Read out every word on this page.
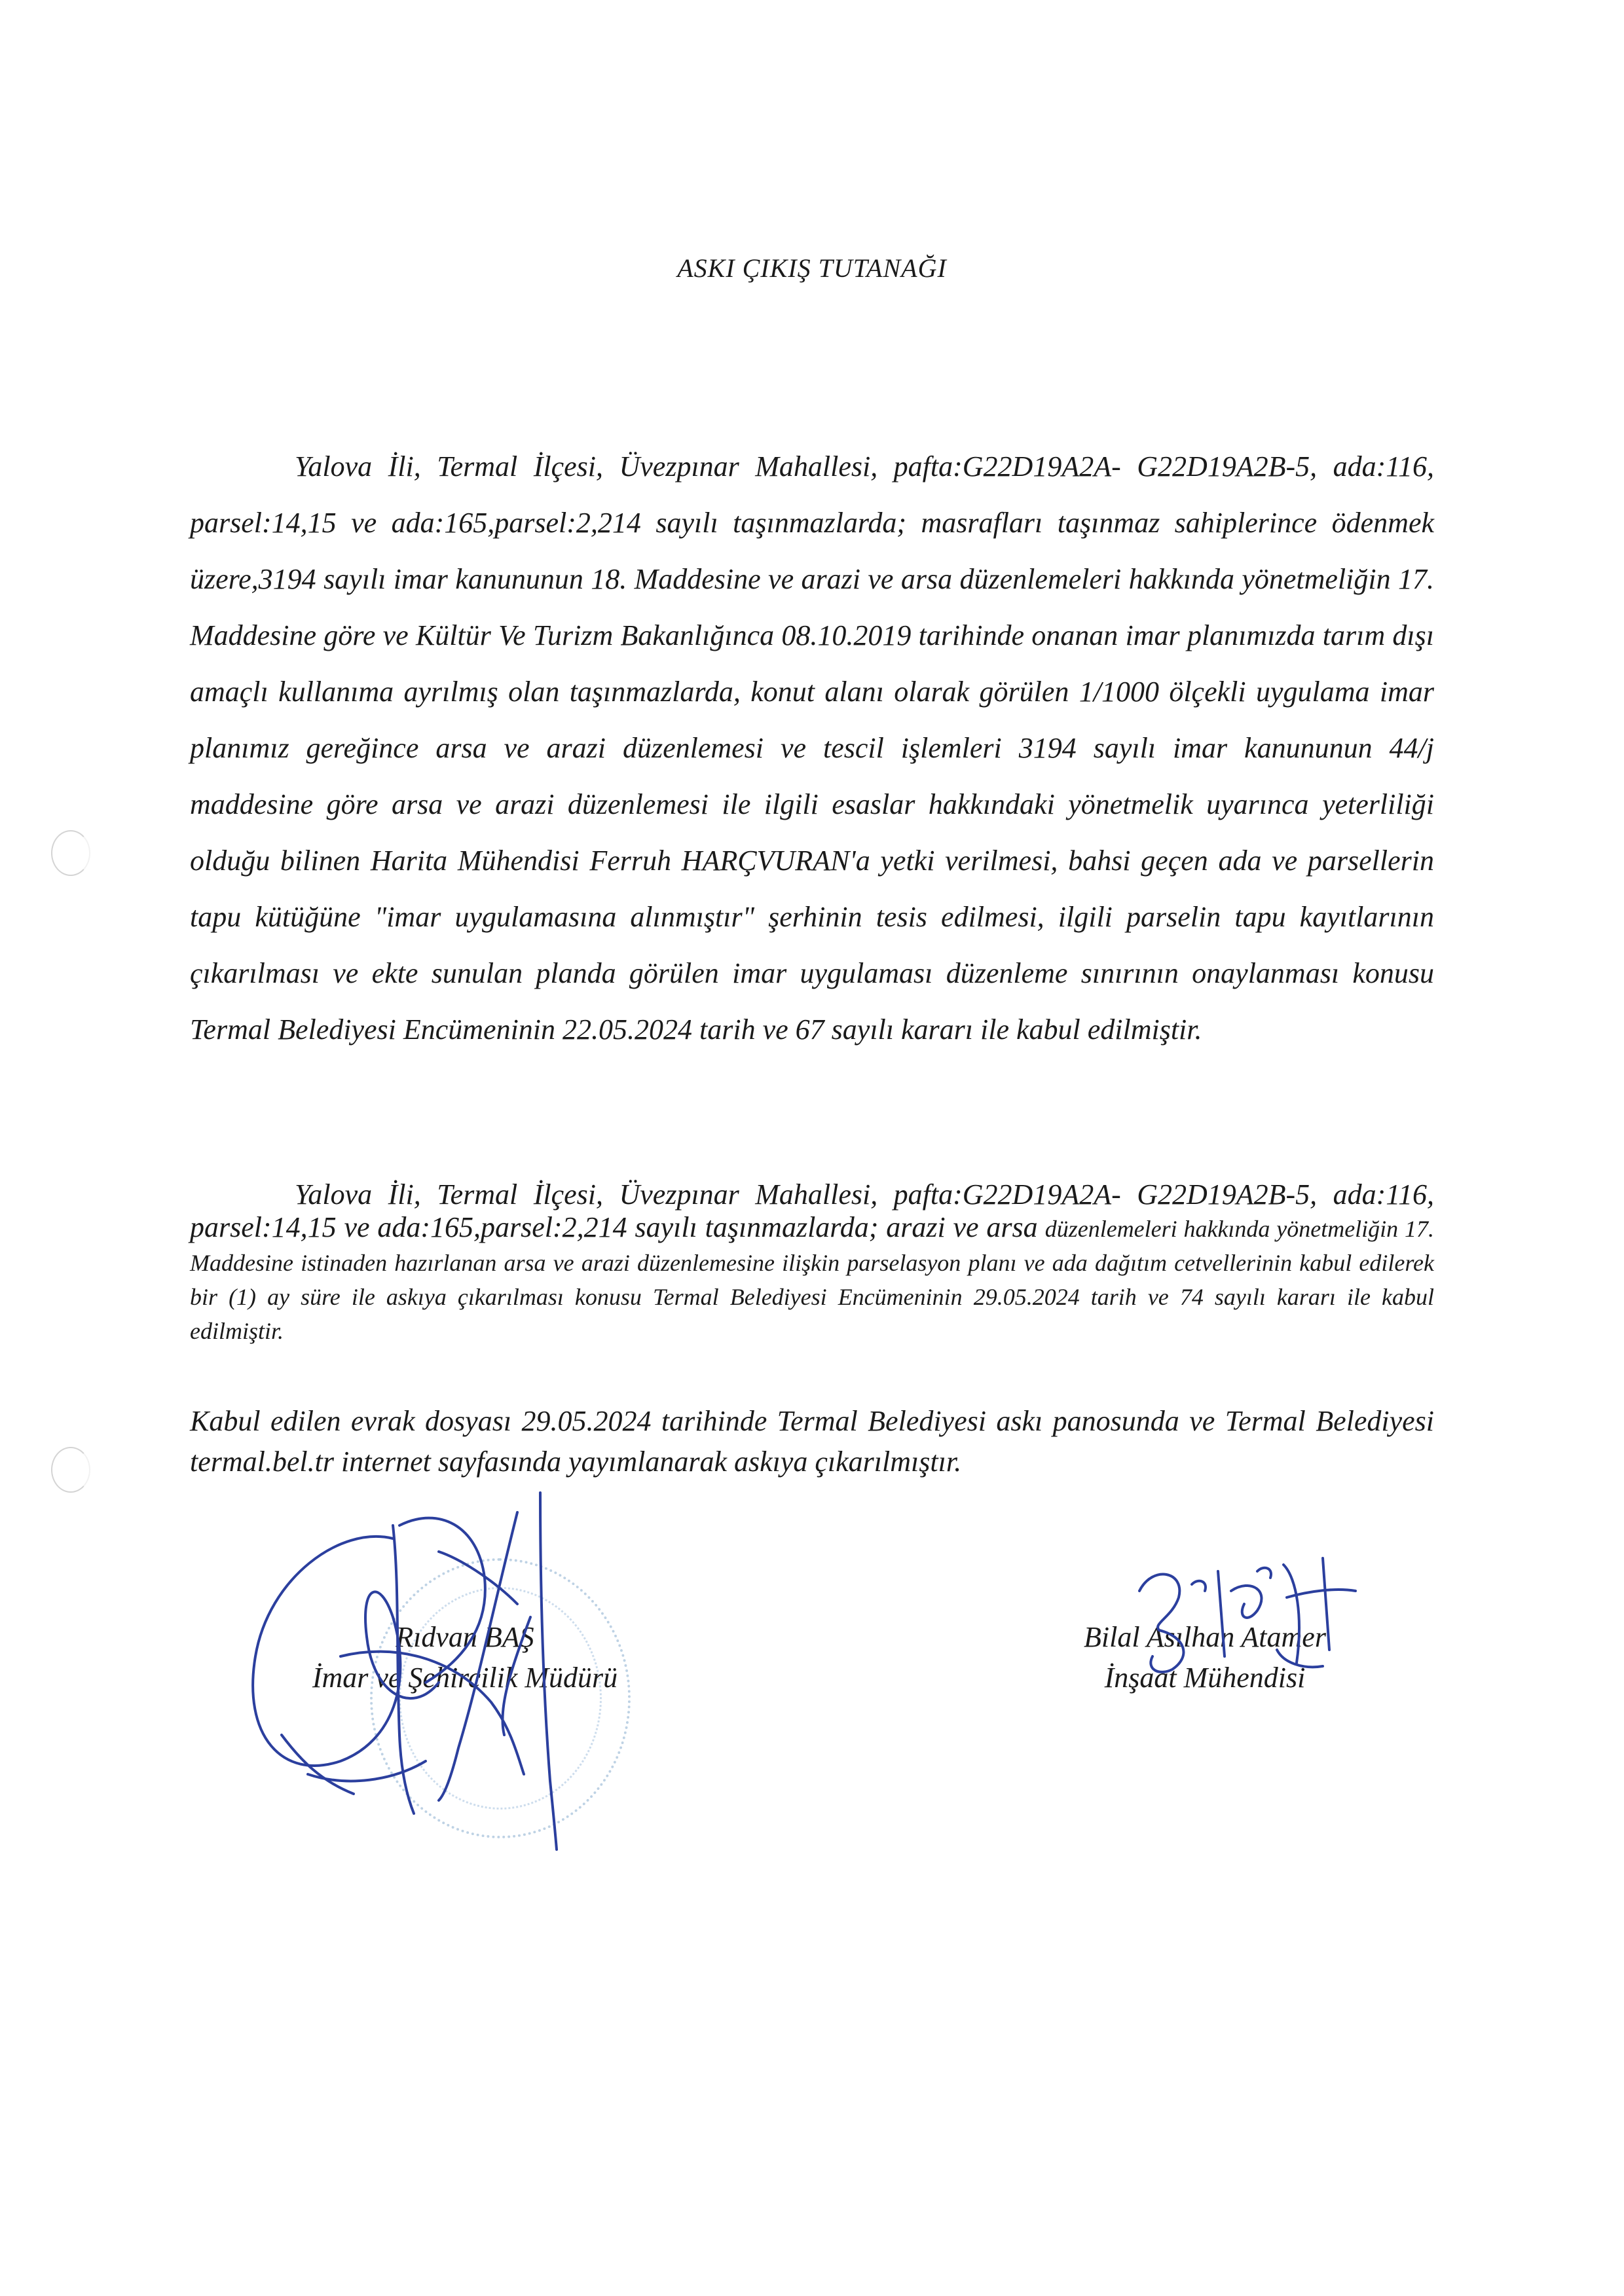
ASKI ÇIKIŞ TUTANAĞI

Yalova İli, Termal İlçesi, Üvezpınar Mahallesi, pafta:G22D19A2A- G22D19A2B-5, ada:116, parsel:14,15 ve ada:165,parsel:2,214 sayılı taşınmazlarda; masrafları taşınmaz sahiplerince ödenmek üzere,3194 sayılı imar kanununun 18. Maddesine ve arazi ve arsa düzenlemeleri hakkında yönetmeliğin 17. Maddesine göre ve Kültür Ve Turizm Bakanlığınca 08.10.2019 tarihinde onanan imar planımızda tarım dışı amaçlı kullanıma ayrılmış olan taşınmazlarda, konut alanı olarak görülen 1/1000 ölçekli uygulama imar planımız gereğince arsa ve arazi düzenlemesi ve tescil işlemleri 3194 sayılı imar kanununun 44/j maddesine göre arsa ve arazi düzenlemesi ile ilgili esaslar hakkındaki yönetmelik uyarınca yeterliliği olduğu bilinen Harita Mühendisi Ferruh HARÇVURAN'a yetki verilmesi, bahsi geçen ada ve parsellerin tapu kütüğüne "imar uygulamasına alınmıştır" şerhinin tesis edilmesi, ilgili parselin tapu kayıtlarının çıkarılması ve ekte sunulan planda görülen imar uygulaması düzenleme sınırının onaylanması konusu Termal Belediyesi Encümeninin 22.05.2024 tarih ve 67 sayılı kararı ile kabul edilmiştir.

Yalova İli, Termal İlçesi, Üvezpınar Mahallesi, pafta:G22D19A2A- G22D19A2B-5, ada:116, parsel:14,15 ve ada:165,parsel:2,214 sayılı taşınmazlarda; arazi ve arsa düzenlemeleri hakkında yönetmeliğin 17. Maddesine istinaden hazırlanan arsa ve arazi düzenlemesine ilişkin parselasyon planı ve ada dağıtım cetvellerinin kabul edilerek bir (1) ay süre ile askıya çıkarılması konusu Termal Belediyesi Encümeninin 29.05.2024 tarih ve 74 sayılı kararı ile kabul edilmiştir.

Kabul edilen evrak dosyası 29.05.2024 tarihinde Termal Belediyesi askı panosunda ve Termal Belediyesi termal.bel.tr internet sayfasında yayımlanarak askıya çıkarılmıştır.

Rıdvan BAŞ
İmar ve Şehircilik Müdürü
Bilal Asılhan Atamer
İnşaat Mühendisi
